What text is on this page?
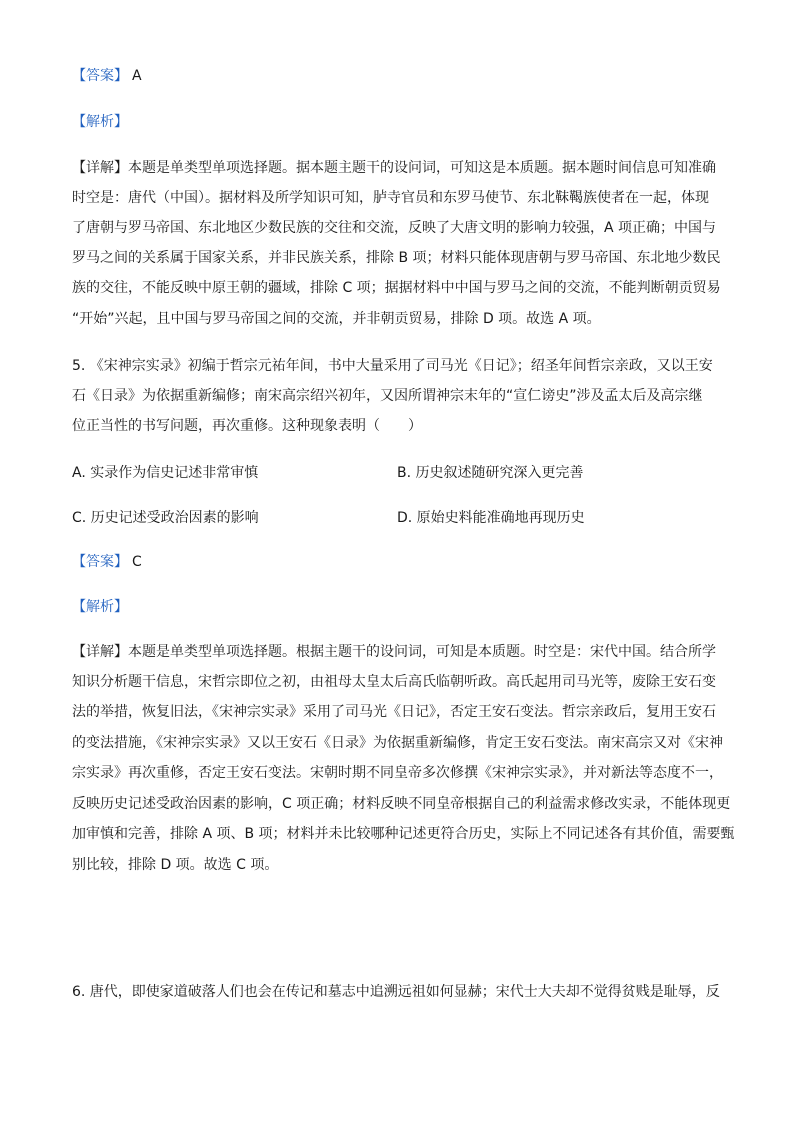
【答案】 A
【解析】
【详解】本题是单类型单项选择题。据本题主题干的设问词，可知这是本质题。据本题时间信息可知准确
时空是：唐代（中国）。据材料及所学知识可知，胪寺官员和东罗马使节、东北靺鞨族使者在一起，体现
了唐朝与罗马帝国、东北地区少数民族的交往和交流，反映了大唐文明的影响力较强，A 项正确；中国与
罗马之间的关系属于国家关系，并非民族关系，排除 B 项；材料只能体现唐朝与罗马帝国、东北地少数民
族的交往，不能反映中原王朝的疆域，排除 C 项；据据材料中中国与罗马之间的交流，不能判断朝贡贸易
“开始”兴起，且中国与罗马帝国之间的交流，并非朝贡贸易，排除 D 项。故选 A 项。
5. 《宋神宗实录》初编于哲宗元祐年间，书中大量采用了司马光《日记》；绍圣年间哲宗亲政，又以王安
石《日录》为依据重新编修；南宋高宗绍兴初年，又因所谓神宗末年的“宣仁谤史”涉及孟太后及高宗继
位正当性的书写问题，再次重修。这种现象表明（　　）
A. 实录作为信史记述非常审慎	B. 历史叙述随研究深入更完善
C. 历史记述受政治因素的影响	D. 原始史料能准确地再现历史
【答案】 C
【解析】
【详解】本题是单类型单项选择题。根据主题干的设问词，可知是本质题。时空是：宋代中国。结合所学
知识分析题干信息，宋哲宗即位之初，由祖母太皇太后高氏临朝听政。高氏起用司马光等，废除王安石变
法的举措，恢复旧法，《宋神宗实录》采用了司马光《日记》，否定王安石变法。哲宗亲政后，复用王安石
的变法措施，《宋神宗实录》又以王安石《日录》为依据重新编修，肯定王安石变法。南宋高宗又对《宋神
宗实录》再次重修，否定王安石变法。宋朝时期不同皇帝多次修撰《宋神宗实录》，并对新法等态度不一，
反映历史记述受政治因素的影响，C 项正确；材料反映不同皇帝根据自己的利益需求修改实录，不能体现更
加审慎和完善，排除 A 项、B 项；材料并未比较哪种记述更符合历史，实际上不同记述各有其价值，需要甄
别比较，排除 D 项。故选 C 项。
6. 唐代，即使家道破落人们也会在传记和墓志中追溯远祖如何显赫；宋代士大夫却不觉得贫贱是耻辱，反
